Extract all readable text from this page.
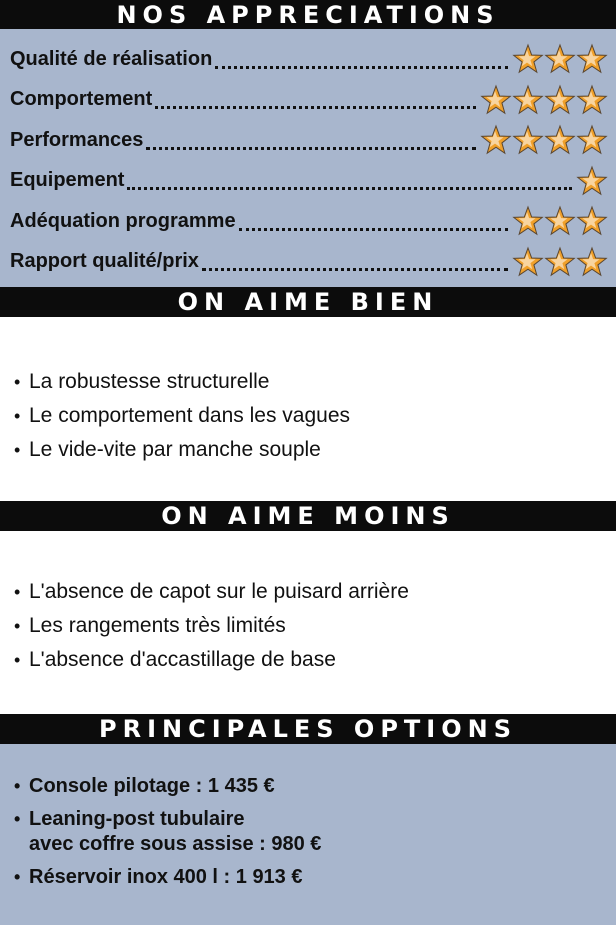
NOS APPRECIATIONS
Qualité de réalisation
Comportement
Performances
Equipement
Adéquation programme
Rapport qualité/prix
ON AIME BIEN
• La robustesse structurelle
• Le comportement dans les vagues
• Le vide-vite par manche souple
ON AIME MOINS
• L'absence de capot sur le puisard arrière
• Les rangements très limités
• L'absence d'accastillage de base
PRINCIPALES OPTIONS
• Console pilotage : 1 435 €
• Leaning-post tubulaire
avec coffre sous assise : 980 €
• Réservoir inox 400 l : 1 913 €
